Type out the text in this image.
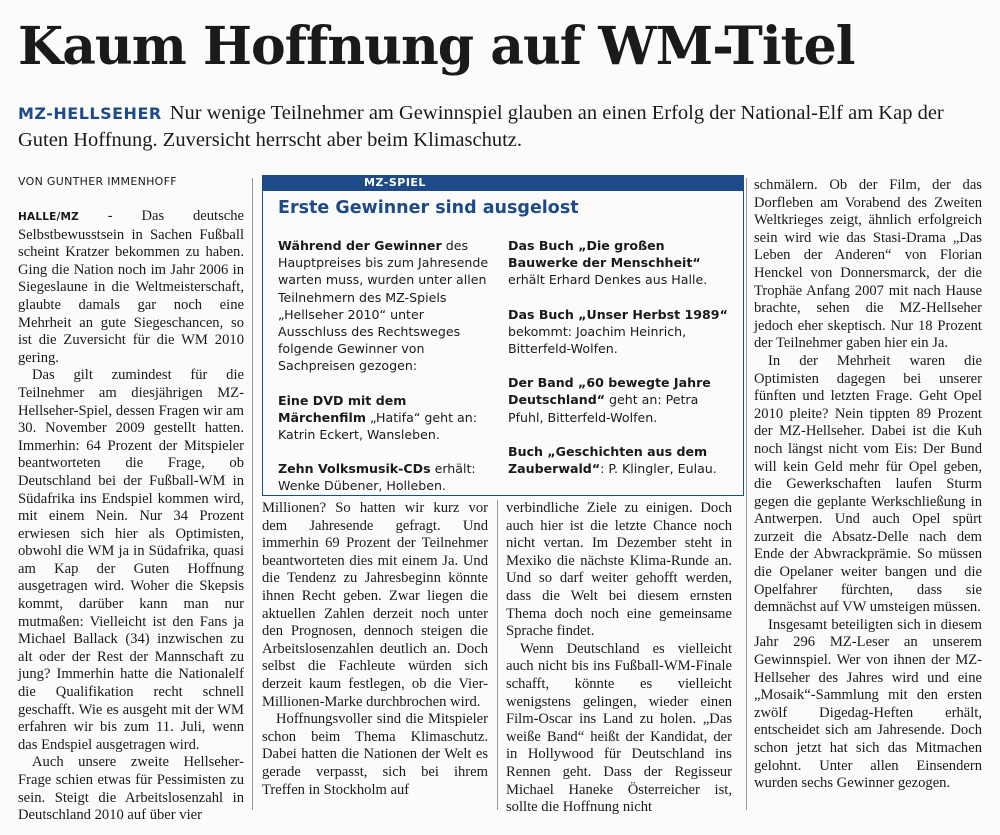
Kaum Hoffnung auf WM-Titel
MZ-HELLSEHER Nur wenige Teilnehmer am Gewinnspiel glauben an einen Erfolg der National-Elf am Kap der Guten Hoffnung. Zuversicht herrscht aber beim Klimaschutz.
VON GUNTHER IMMENHOFF

HALLE/MZ - Das deutsche Selbstbewusstsein in Sachen Fußball scheint Kratzer bekommen zu haben. Ging die Nation noch im Jahr 2006 in Siegeslaune in die Weltmeisterschaft, glaubte damals gar noch eine Mehrheit an gute Siegeschancen, so ist die Zuversicht für die WM 2010 gering.

Das gilt zumindest für die Teilnehmer am diesjährigen MZ-Hellseher-Spiel, dessen Fragen wir am 30. November 2009 gestellt hatten. Immerhin: 64 Prozent der Mitspieler beantworteten die Frage, ob Deutschland bei der Fußball-WM in Südafrika ins Endspiel kommen wird, mit einem Nein. Nur 34 Prozent erwiesen sich hier als Optimisten, obwohl die WM ja in Südafrika, quasi am Kap der Guten Hoffnung ausgetragen wird. Woher die Skepsis kommt, darüber kann man nur mutmaßen: Vielleicht ist den Fans ja Michael Ballack (34) inzwischen zu alt oder der Rest der Mannschaft zu jung? Immerhin hatte die Nationalelf die Qualifikation recht schnell geschafft. Wie es ausgeht mit der WM erfahren wir bis zum 11. Juli, wenn das Endspiel ausgetragen wird.

Auch unsere zweite Hellseher-Frage schien etwas für Pessimisten zu sein. Steigt die Arbeitslosenzahl in Deutschland 2010 auf über vier

MZ-SPIEL
Erste Gewinner sind ausgelost
Während der Gewinner des Hauptpreises bis zum Jahresende warten muss, wurden unter allen Teilnehmern des MZ-Spiels „Hellseher 2010“ unter Ausschluss des Rechtsweges folgende Gewinner von Sachpreisen gezogen:
Eine DVD mit dem Märchenfilm „Hatifa“ geht an: Katrin Eckert, Wansleben.
Zehn Volksmusik-CDs erhält: Wenke Dübener, Holleben.
Das Buch „Die großen Bauwerke der Menschheit“ erhält Erhard Denkes aus Halle.
Das Buch „Unser Herbst 1989“ bekommt: Joachim Heinrich, Bitterfeld-Wolfen.
Der Band „60 bewegte Jahre Deutschland“ geht an: Petra Pfuhl, Bitterfeld-Wolfen.
Buch „Geschichten aus dem Zauberwald“: P. Klingler, Eulau.

Millionen? So hatten wir kurz vor dem Jahresende gefragt. Und immerhin 69 Prozent der Teilnehmer beantworteten dies mit einem Ja. Und die Tendenz zu Jahresbeginn könnte ihnen Recht geben. Zwar liegen die aktuellen Zahlen derzeit noch unter den Prognosen, dennoch steigen die Arbeitslosenzahlen deutlich an. Doch selbst die Fachleute würden sich derzeit kaum festlegen, ob die Vier-Millionen-Marke durchbrochen wird.

Hoffnungsvoller sind die Mitspieler schon beim Thema Klimaschutz. Dabei hatten die Nationen der Welt es gerade verpasst, sich bei ihrem Treffen in Stockholm auf

verbindliche Ziele zu einigen. Doch auch hier ist die letzte Chance noch nicht vertan. Im Dezember steht in Mexiko die nächste Klima-Runde an. Und so darf weiter gehofft werden, dass die Welt bei diesem ernsten Thema doch noch eine gemeinsame Sprache findet.

Wenn Deutschland es vielleicht auch nicht bis ins Fußball-WM-Finale schafft, könnte es vielleicht wenigstens gelingen, wieder einen Film-Oscar ins Land zu holen. „Das weiße Band“ heißt der Kandidat, der in Hollywood für Deutschland ins Rennen geht. Dass der Regisseur Michael Haneke Österreicher ist, sollte die Hoffnung nicht

schmälern. Ob der Film, der das Dorfleben am Vorabend des Zweiten Weltkrieges zeigt, ähnlich erfolgreich sein wird wie das Stasi-Drama „Das Leben der Anderen“ von Florian Henckel von Donnersmarck, der die Trophäe Anfang 2007 mit nach Hause brachte, sehen die MZ-Hellseher jedoch eher skeptisch. Nur 18 Prozent der Teilnehmer gaben hier ein Ja.

In der Mehrheit waren die Optimisten dagegen bei unserer fünften und letzten Frage. Geht Opel 2010 pleite? Nein tippten 89 Prozent der MZ-Hellseher. Dabei ist die Kuh noch längst nicht vom Eis: Der Bund will kein Geld mehr für Opel geben, die Gewerkschaften laufen Sturm gegen die geplante Werkschließung in Antwerpen. Und auch Opel spürt zurzeit die Absatz-Delle nach dem Ende der Abwrackprämie. So müssen die Opelaner weiter bangen und die Opelfahrer fürchten, dass sie demnächst auf VW umsteigen müssen.

Insgesamt beteiligten sich in diesem Jahr 296 MZ-Leser an unserem Gewinnspiel. Wer von ihnen der MZ-Hellseher des Jahres wird und eine „Mosaik“-Sammlung mit den ersten zwölf Digedag-Heften erhält, entscheidet sich am Jahresende. Doch schon jetzt hat sich das Mitmachen gelohnt. Unter allen Einsendern wurden sechs Gewinner gezogen.
